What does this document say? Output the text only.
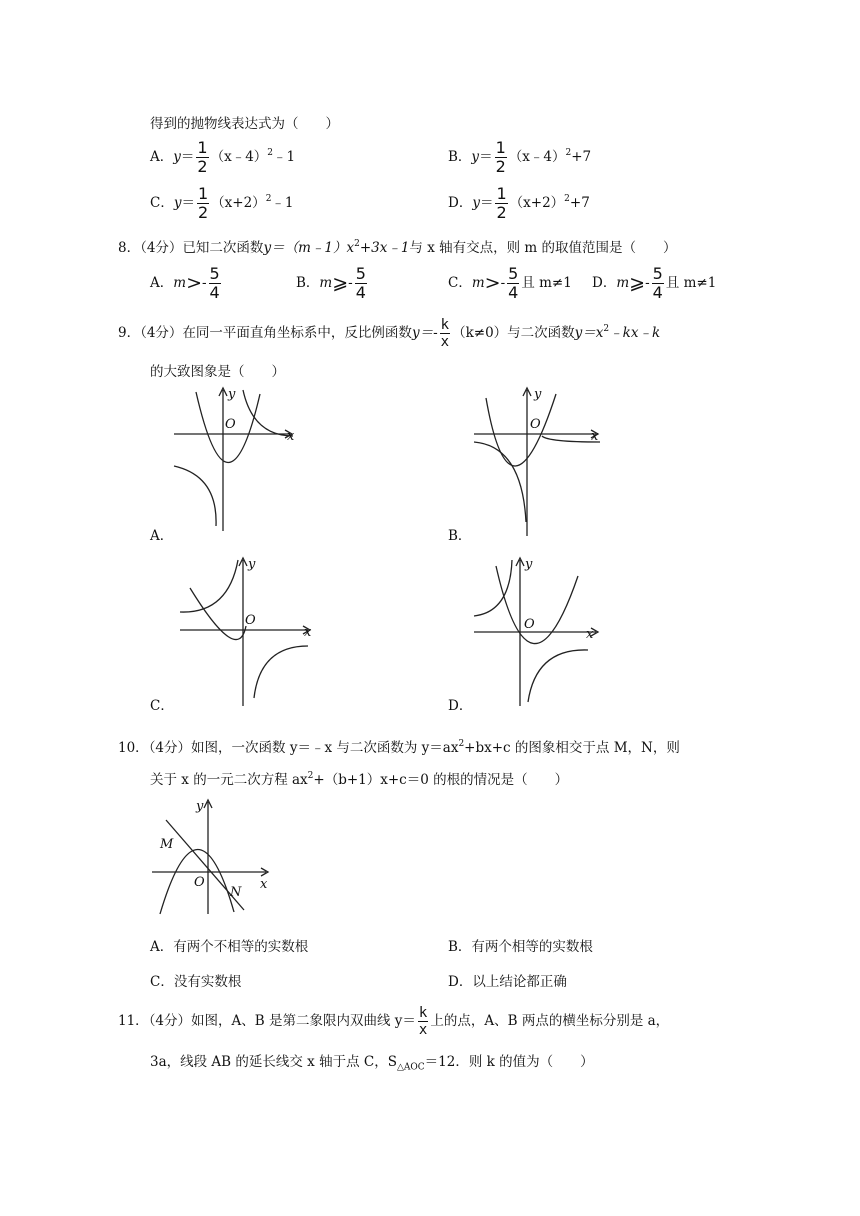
得到的抛物线表达式为（　　）
A．$y= \frac{1}{2}$ （x﹣4）$^2$﹣1	B．$y= \frac{1}{2}$ （x﹣4）$^2$+7
C．$y= \frac{1}{2}$ $(x+2)^2﹣1$	D．$y= \frac{1}{2} (x+2)^2+7$
8．（4分）已知二次函数$y=(m﹣1)x^2+3x﹣1$与 x 轴有交点，则 m 的取值范围是（　　）
A．$m>- \frac{5}{4}$	B．m⩾- $\frac{5}{4}$	C．$m>- \frac{5}{4}$ 且 m≠1 D．m⩾- $\frac{5}{4}$ 且 m≠1
9．（4分）在同一平面直角坐标系中，反比例函数$y=- \frac{k}{x} (k\ne 0)$与二次函数$y=x^2﹣kx﹣k$
的大致图象是（　　）
y
x
O
A．
y
x
O
B．
y
x
O
C．
y
x
O
D．
10．（4分）如图，一次函数 y＝﹣x 与二次函数为 $y=ax^2+bx+c$ 的图象相交于点 M，N，则
关于 x 的一元二次方程 $ax^2+(b+1)x+c=0$ 的根的情况是（　　）
y
x
O
M
N
A．有两个不相等的实数根	B．有两个相等的实数根
C．没有实数根	D．以上结论都正确
11．（4分）如图，A、B 是第二象限内双曲线 $y= \frac{k}{x}$ 上的点，A、B 两点的横坐标分别是 a，
3a，线段 AB 的延长线交 x 轴于点 C，$S_{\triangle AOC}=12$．则 k 的值为（　　）
